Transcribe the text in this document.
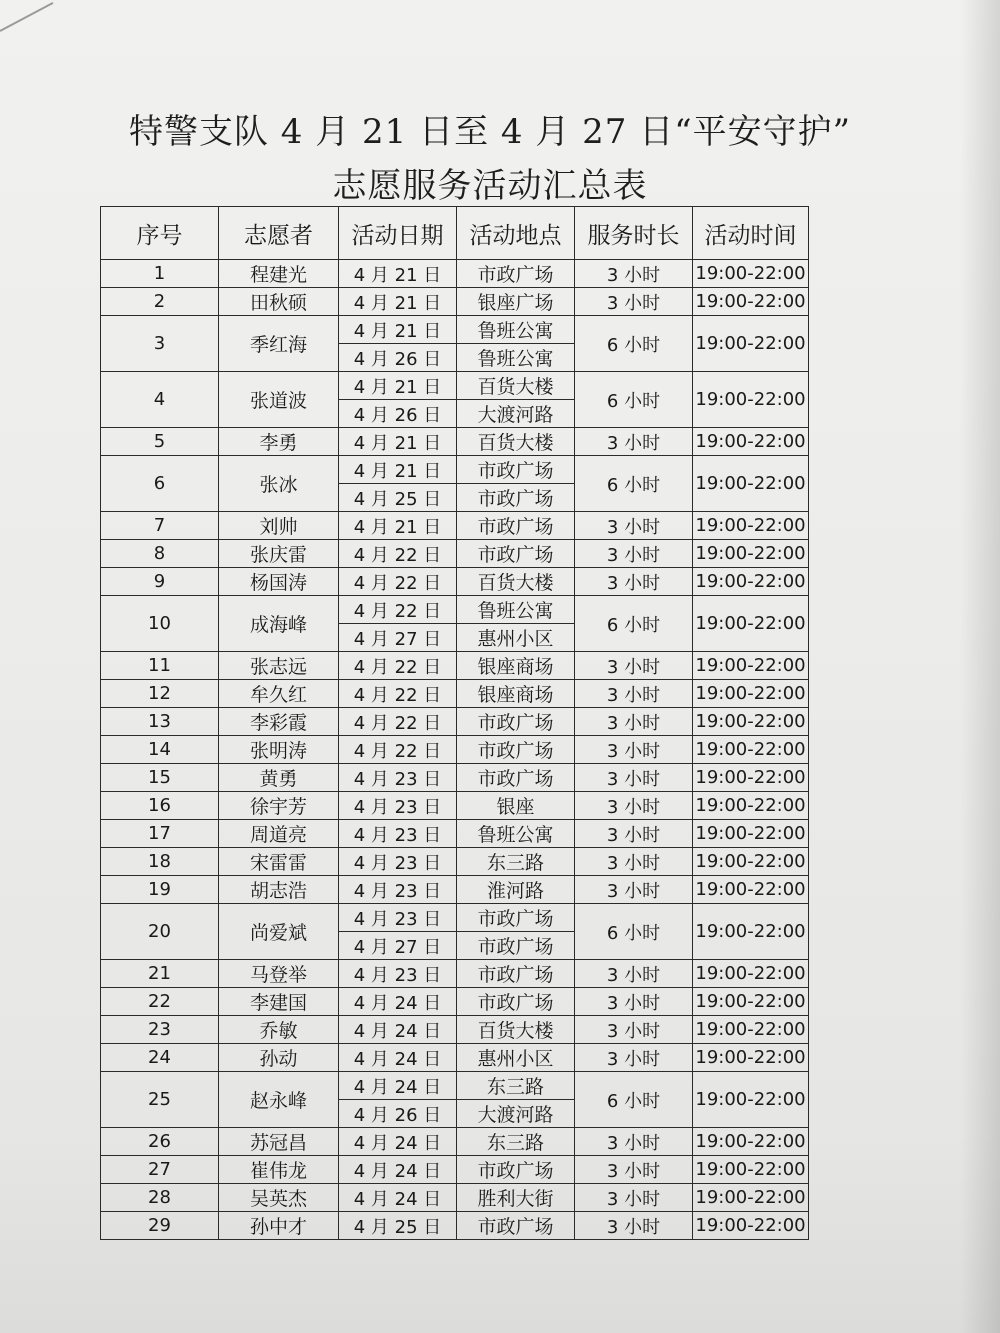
特警支队 4 月 21 日至 4 月 27 日“平安守护”
志愿服务活动汇总表
序号	志愿者	活动日期	活动地点	服务时长	活动时间
1	程建光	4 月 21 日	市政广场	3 小时	19:00-22:00
2	田秋硕	4 月 21 日	银座广场	3 小时	19:00-22:00
3	季红海	4 月 21 日	鲁班公寓	6 小时	19:00-22:00
		4 月 26 日	鲁班公寓		
4	张道波	4 月 21 日	百货大楼	6 小时	19:00-22:00
		4 月 26 日	大渡河路		
5	李勇	4 月 21 日	百货大楼	3 小时	19:00-22:00
6	张冰	4 月 21 日	市政广场	6 小时	19:00-22:00
		4 月 25 日	市政广场		
7	刘帅	4 月 21 日	市政广场	3 小时	19:00-22:00
8	张庆雷	4 月 22 日	市政广场	3 小时	19:00-22:00
9	杨国涛	4 月 22 日	百货大楼	3 小时	19:00-22:00
10	成海峰	4 月 22 日	鲁班公寓	6 小时	19:00-22:00
		4 月 27 日	惠州小区		
11	张志远	4 月 22 日	银座商场	3 小时	19:00-22:00
12	牟久红	4 月 22 日	银座商场	3 小时	19:00-22:00
13	李彩霞	4 月 22 日	市政广场	3 小时	19:00-22:00
14	张明涛	4 月 22 日	市政广场	3 小时	19:00-22:00
15	黄勇	4 月 23 日	市政广场	3 小时	19:00-22:00
16	徐宇芳	4 月 23 日	银座	3 小时	19:00-22:00
17	周道亮	4 月 23 日	鲁班公寓	3 小时	19:00-22:00
18	宋雷雷	4 月 23 日	东三路	3 小时	19:00-22:00
19	胡志浩	4 月 23 日	淮河路	3 小时	19:00-22:00
20	尚爱斌	4 月 23 日	市政广场	6 小时	19:00-22:00
		4 月 27 日	市政广场		
21	马登举	4 月 23 日	市政广场	3 小时	19:00-22:00
22	李建国	4 月 24 日	市政广场	3 小时	19:00-22:00
23	乔敏	4 月 24 日	百货大楼	3 小时	19:00-22:00
24	孙动	4 月 24 日	惠州小区	3 小时	19:00-22:00
25	赵永峰	4 月 24 日	东三路	6 小时	19:00-22:00
		4 月 26 日	大渡河路		
26	苏冠昌	4 月 24 日	东三路	3 小时	19:00-22:00
27	崔伟龙	4 月 24 日	市政广场	3 小时	19:00-22:00
28	吴英杰	4 月 24 日	胜利大街	3 小时	19:00-22:00
29	孙中才	4 月 25 日	市政广场	3 小时	19:00-22:00
